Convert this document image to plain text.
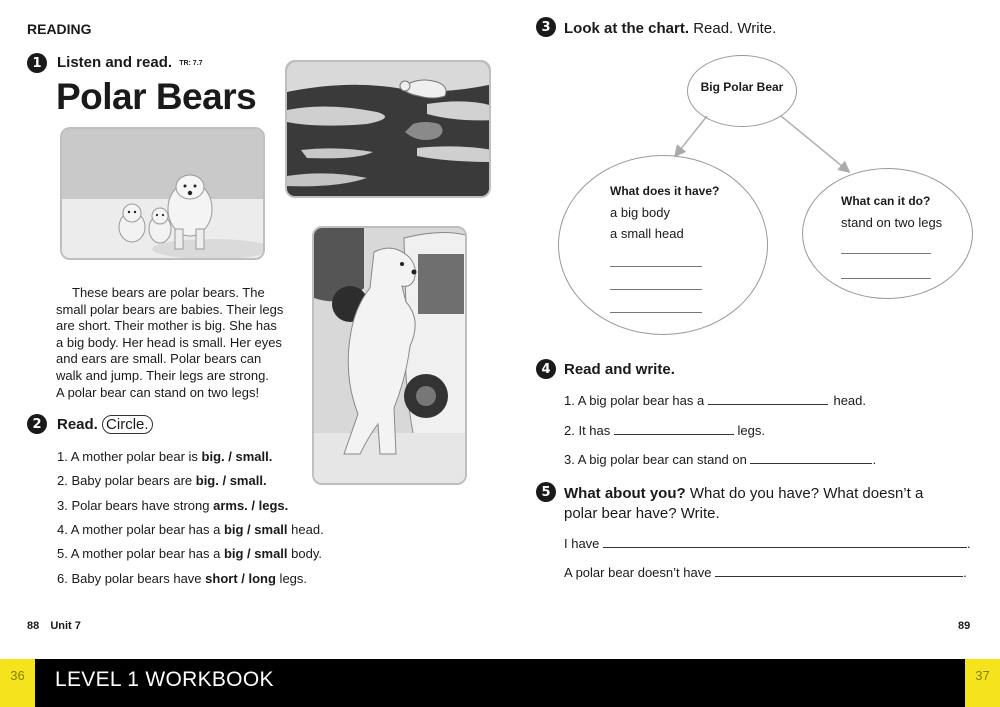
READING
1	Listen and read. TR: 7.7
Polar Bears
These bears are polar bears. The
small polar bears are babies. Their legs
are short. Their mother is big. She has
a big body. Her head is small. Her eyes
and ears are small. Polar bears can
walk and jump. Their legs are strong.
A polar bear can stand on two legs!
2	Read. Circle.
1. A mother polar bear is big. / small.
2. Baby polar bears are big. / small.
3. Polar bears have strong arms. / legs.
4. A mother polar bear has a big / small head.
5. A mother polar bear has a big / small body.
6. Baby polar bears have short / long legs.
88 Unit 7
3 Look at the chart. Read. Write.
Big Polar Bear
What does it have?
a big body
a small head
What can it do?
stand on two legs
4 Read and write.
1. A big polar bear has a	head.
2. It has	legs.
3. A big polar bear can stand on	.
5 What about you? What do you have? What doesn’t a
polar bear have? Write.
I have	.
A polar bear doesn’t have	.
89
36	LEVEL 1 WORKBOOK	37
